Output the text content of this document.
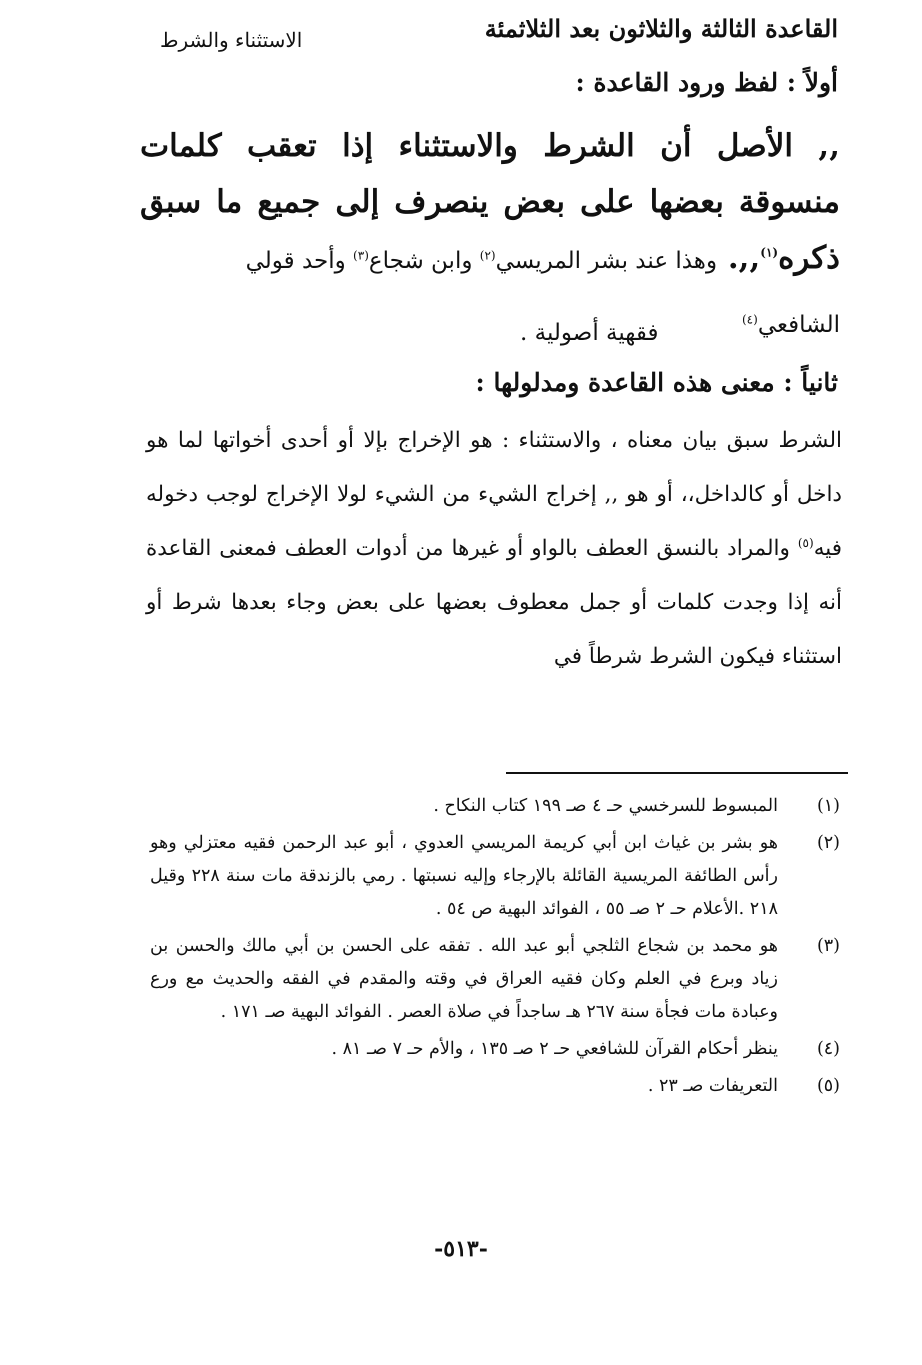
القاعدة الثالثة والثلاثون بعد الثلاثمئة
الاستثناء والشرط
أولاً : لفظ ورود القاعدة :
,, الأصل أن الشرط والاستثناء إذا تعقب كلمات منسوقة بعضها على بعض ينصرف إلى جميع ما سبق ذكره$^{(١)}$,,. وهذا عند بشر المريسي$^{(٢)}$ وابن شجاع$^{(٣)}$ وأحد قولي
الشافعي$^{(٤)}$
فقهية أصولية .
ثانياً : معنى هذه القاعدة ومدلولها :
الشرط سبق بيان معناه ، والاستثناء : هو الإخراج بإلا أو أحدى أخواتها لما هو داخل أو كالداخل،، أو هو ,, إخراج الشيء من الشيء لولا الإخراج لوجب دخوله فيه$^{(٥)}$ والمراد بالنسق العطف بالواو أو غيرها من أدوات العطف فمعنى القاعدة أنه إذا وجدت كلمات أو جمل معطوف بعضها على بعض وجاء بعدها شرط أو استثناء فيكون الشرط شرطاً في
(١)
المبسوط للسرخسي حـ ٤ صـ ١٩٩ كتاب النكاح .
(٢)
هو بشر بن غياث ابن أبي كريمة المريسي العدوي ، أبو عبد الرحمن فقيه معتزلي وهو رأس الطائفة المريسية القائلة بالإرجاء وإليه نسبتها . رمي بالزندقة مات سنة ٢٢٨ وقيل ٢١٨ .الأعلام حـ ٢ صـ ٥٥ ، الفوائد البهية ص ٥٤ .
(٣)
هو محمد بن شجاع الثلجي أبو عبد الله . تفقه على الحسن بن أبي مالك والحسن بن زياد وبرع في العلم وكان فقيه العراق في وقته والمقدم في الفقه والحديث مع ورع وعبادة مات فجأة سنة ٢٦٧ هـ ساجداً في صلاة العصر . الفوائد البهية صـ ١٧١ .
(٤)
ينظر أحكام القرآن للشافعي حـ ٢ صـ ١٣٥ ، والأم حـ ٧ صـ ٨١ .
(٥)
التعريفات صـ ٢٣ .
-٥١٣-
